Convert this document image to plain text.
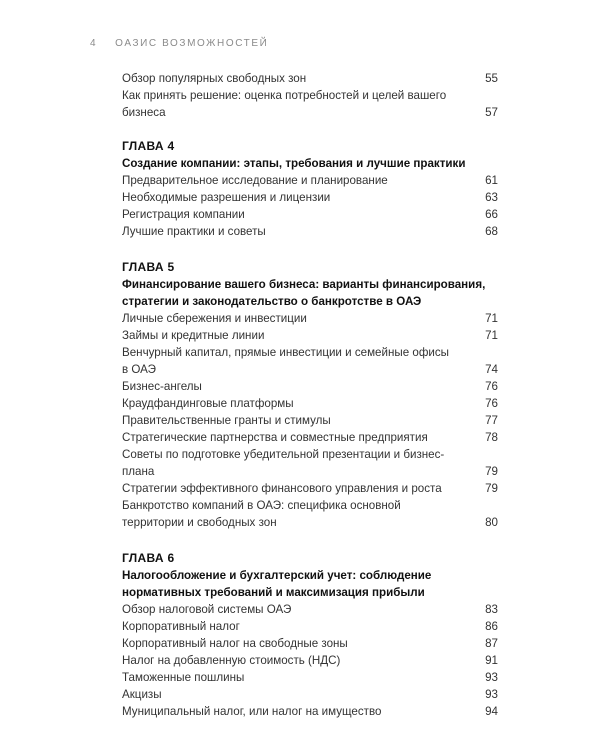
4 ОАЗИС ВОЗМОЖНОСТЕЙ
Обзор популярных свободных зон	55
Как принять решение: оценка потребностей и целей вашего бизнеса	57
ГЛАВА 4
Создание компании: этапы, требования и лучшие практики
Предварительное исследование и планирование	61
Необходимые разрешения и лицензии	63
Регистрация компании	66
Лучшие практики и советы	68
ГЛАВА 5
Финансирование вашего бизнеса: варианты финансирования, стратегии и законодательство о банкротстве в ОАЭ
Личные сбережения и инвестиции	71
Займы и кредитные линии	71
Венчурный капитал, прямые инвестиции и семейные офисы в ОАЭ	74
Бизнес-ангелы	76
Краудфандинговые платформы	76
Правительственные гранты и стимулы	77
Стратегические партнерства и совместные предприятия	78
Советы по подготовке убедительной презентации и бизнес-плана	79
Стратегии эффективного финансового управления и роста	79
Банкротство компаний в ОАЭ: специфика основной территории и свободных зон	80
ГЛАВА 6
Налогообложение и бухгалтерский учет: соблюдение нормативных требований и максимизация прибыли
Обзор налоговой системы ОАЭ	83
Корпоративный налог	86
Корпоративный налог на свободные зоны	87
Налог на добавленную стоимость (НДС)	91
Таможенные пошлины	93
Акцизы	93
Муниципальный налог, или налог на имущество	94
